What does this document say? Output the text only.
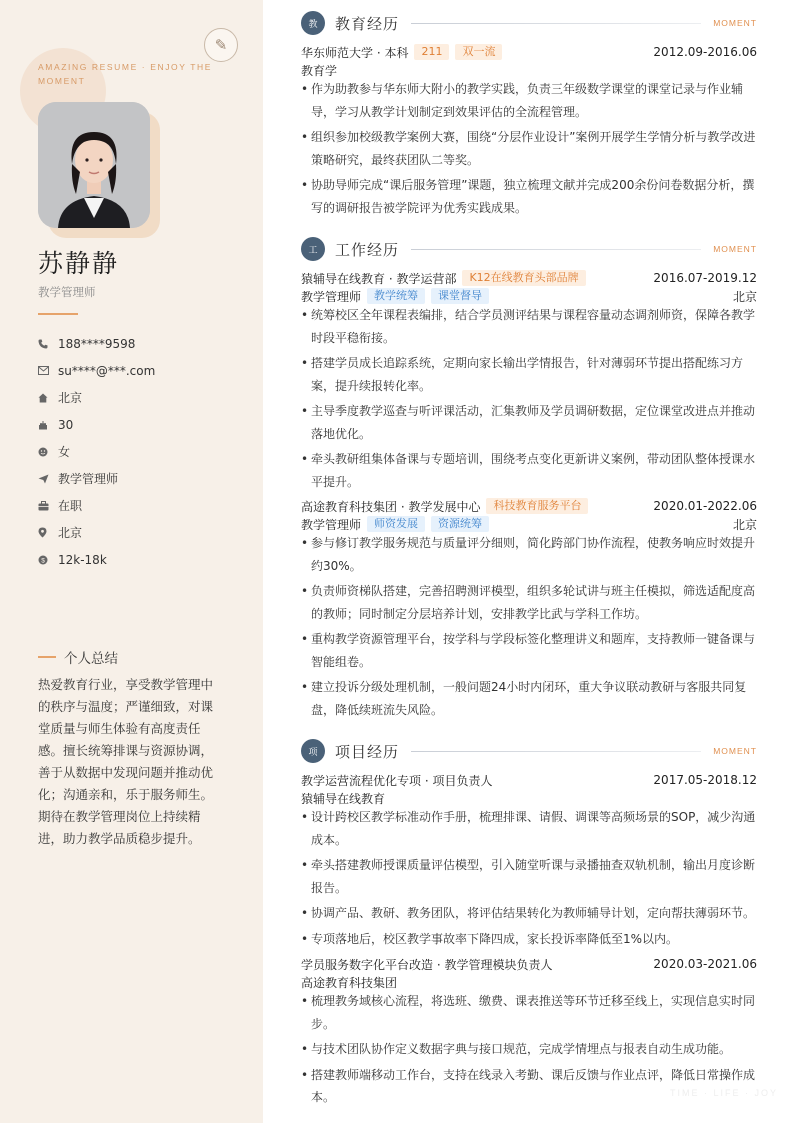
✎
AMAZING RESUME · ENJOY THE MOMENT
苏静静
教学管理师
188****9598
su****@***.com
北京
30
女
教学管理师
在职
北京
$ 12k-18k
个人总结
热爱教育行业，享受教学管理中的秩序与温度；严谨细致，对课堂质量与师生体验有高度责任感。擅长统筹排课与资源协调，善于从数据中发现问题并推动优化；沟通亲和，乐于服务师生。期待在教学管理岗位上持续精进，助力教学品质稳步提升。
教	教育经历	MOMENT
华东师范大学 · 本科	211	双一流	2012.09-2016.06
教育学
• 作为助教参与华东师大附小的教学实践，负责三年级数学课堂的课堂记录与作业辅导，学习从教学计划制定到效果评估的全流程管理。
• 组织参加校级教学案例大赛，围绕“分层作业设计”案例开展学生学情分析与教学改进策略研究，最终获团队二等奖。
• 协助导师完成“课后服务管理”课题，独立梳理文献并完成200余份问卷数据分析，撰写的调研报告被学院评为优秀实践成果。
工	工作经历	MOMENT
猿辅导在线教育 · 教学运营部	K12在线教育头部品牌	2016.07-2019.12
教学管理师	教学统筹	课堂督导	北京
• 统筹校区全年课程表编排，结合学员测评结果与课程容量动态调剂师资，保障各教学时段平稳衔接。
• 搭建学员成长追踪系统，定期向家长输出学情报告，针对薄弱环节提出搭配练习方案，提升续报转化率。
• 主导季度教学巡查与听评课活动，汇集教师及学员调研数据，定位课堂改进点并推动落地优化。
• 牵头教研组集体备课与专题培训，围绕考点变化更新讲义案例，带动团队整体授课水平提升。
高途教育科技集团 · 教学发展中心	科技教育服务平台	2020.01-2022.06
教学管理师	师资发展	资源统筹	北京
• 参与修订教学服务规范与质量评分细则，简化跨部门协作流程，使教务响应时效提升约30%。
• 负责师资梯队搭建，完善招聘测评模型，组织多轮试讲与班主任模拟，筛选适配度高的教师；同时制定分层培养计划，安排教学比武与学科工作坊。
• 重构教学资源管理平台，按学科与学段标签化整理讲义和题库，支持教师一键备课与智能组卷。
• 建立投诉分级处理机制，一般问题24小时内闭环，重大争议联动教研与客服共同复盘，降低续班流失风险。
项	项目经历	MOMENT
教学运营流程优化专项 · 项目负责人	2017.05-2018.12
猿辅导在线教育
• 设计跨校区教学标准动作手册，梳理排课、请假、调课等高频场景的SOP，减少沟通成本。
• 牵头搭建教师授课质量评估模型，引入随堂听课与录播抽查双轨机制，输出月度诊断报告。
• 协调产品、教研、教务团队，将评估结果转化为教师辅导计划，定向帮扶薄弱环节。
• 专项落地后，校区教学事故率下降四成，家长投诉率降低至1%以内。
学员服务数字化平台改造 · 教学管理模块负责人	2020.03-2021.06
高途教育科技集团
• 梳理教务域核心流程，将选班、缴费、课表推送等环节迁移至线上，实现信息实时同步。
• 与技术团队协作定义数据字典与接口规范，完成学情埋点与报表自动生成功能。
• 搭建教师端移动工作台，支持在线录入考勤、课后反馈与作业点评，降低日常操作成本。	TIME · LIFE · JOY
